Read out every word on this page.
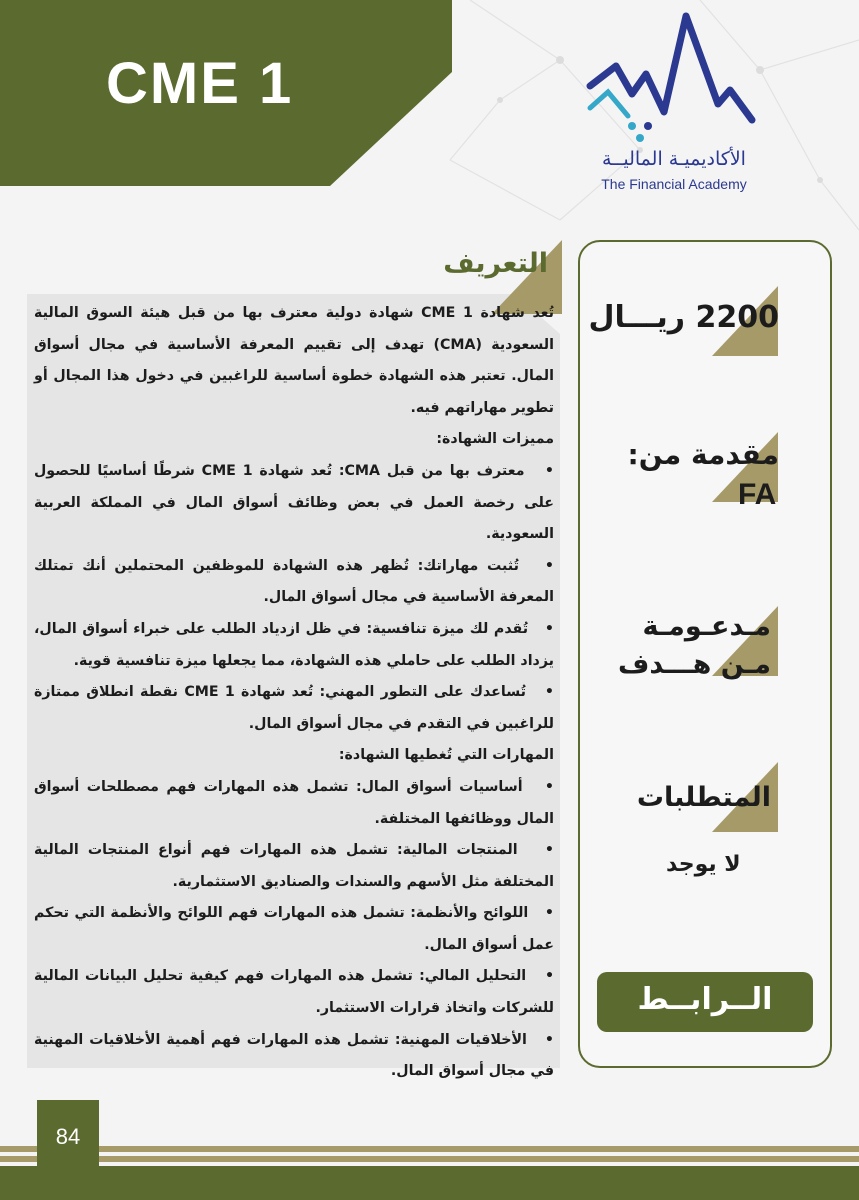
CME 1
الأكاديميـة الماليــة
The Financial Academy
التعريف

تُعد شهادة CME 1 شهادة دولية معترف بها من قبل هيئة السوق المالية السعودية (CMA) تهدف إلى تقييم المعرفة الأساسية في مجال أسواق المال. تعتبر هذه الشهادة خطوة أساسية للراغبين في دخول هذا المجال أو تطوير مهاراتهم فيه.

مميزات الشهادة:

•   معترف بها من قبل CMA: تُعد شهادة CME 1 شرطًا أساسيًا للحصول على رخصة العمل في بعض وظائف أسواق المال في المملكة العربية السعودية.

•   تُثبت مهاراتك: تُظهر هذه الشهادة للموظفين المحتملين أنك تمتلك المعرفة الأساسية في مجال أسواق المال.

•   تُقدم لك ميزة تنافسية: في ظل ازدياد الطلب على خبراء أسواق المال، يزداد الطلب على حاملي هذه الشهادة، مما يجعلها ميزة تنافسية قوية.

•   تُساعدك على التطور المهني: تُعد شهادة CME 1 نقطة انطلاق ممتازة للراغبين في التقدم في مجال أسواق المال.

المهارات التي تُغطيها الشهادة:

•   أساسيات أسواق المال: تشمل هذه المهارات فهم مصطلحات أسواق المال ووظائفها المختلفة.

•   المنتجات المالية: تشمل هذه المهارات فهم أنواع المنتجات المالية المختلفة مثل الأسهم والسندات والصناديق الاستثمارية.

•   اللوائح والأنظمة: تشمل هذه المهارات فهم اللوائح والأنظمة التي تحكم عمل أسواق المال.

•   التحليل المالي: تشمل هذه المهارات فهم كيفية تحليل البيانات المالية للشركات واتخاذ قرارات الاستثمار.

•   الأخلاقيات المهنية: تشمل هذه المهارات فهم أهمية الأخلاقيات المهنية في مجال أسواق المال.

2200 ريـــال
مقدمة من:
FA
مـدعـومـة
مـن هـــدف
المتطلبات
لا يوجد
الــرابــط
84
